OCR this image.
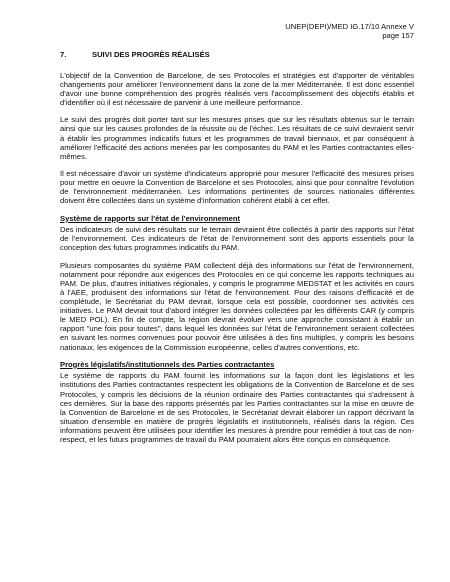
UNEP(DEPI)/MED IG.17/10 Annexe V
page 157
7.	SUIVI DES PROGRÈS RÉALISÉS

L'objectif de la Convention de Barcelone, de ses Protocoles et stratégies est d'apporter de véritables changements pour améliorer l'environnement dans la zone de la mer Méditerranée. Il est donc essentiel d'avoir une bonne compréhension des progrès réalisés vers l'accomplissement des objectifs établis et d'identifier où il est nécessaire de parvenir à une meilleure performance.

Le suivi des progrès doit porter tant sur les mesures prises que sur les résultats obtenus sur le terrain ainsi que sur les causes profondes de la réussite ou de l'échec. Les résultats de ce suivi devraient servir à établir les programmes indicatifs futurs et les programmes de travail biennaux, et par conséquent à améliorer l'efficacité des actions menées par les composantes du PAM et les Parties contractantes elles-mêmes.

Il est nécessaire d'avoir un système d'indicateurs approprié pour mesurer l'efficacité des mesures prises pour mettre en oeuvre la Convention de Barcelone et ses Protocoles, ainsi que pour connaître l'évolution de l'environnement méditerranéen. Les informations pertinentes de sources nationales différentes doivent être collectées dans un système d'information cohérent établi à cet effet.

Système de rapports sur l'état de l'environnement

Des indicateurs de suivi des résultats sur le terrain devraient être collectés à partir des rapports sur l'état de l'environnement. Ces indicateurs de l'état de l'environnement sont des apports essentiels pour la conception des futurs programmes indicatifs du PAM.

Plusieurs composantes du système PAM collectent déjà des informations sur l'état de l'environnement, notamment pour répondre aux exigences des Protocoles en ce qui concerne les rapports techniques au PAM. De plus, d'autres initiatives régionales, y compris le programme MEDSTAT et les activités en cours à l'AEE, produisent des informations sur l'état de l'environnement. Pour des raisons d'efficacité et de complétude, le Secrétariat du PAM devrait, lorsque cela est possible, coordonner ses activités ces initiatives. Le PAM devrait tout d'abord intégrer les données collectées par les différents CAR (y compris le MED POL). En fin de compte, la région devrait évoluer vers une approche consistant à établir un rapport "une fois pour toutes", dans lequel les données sur l'état de l'environnement seraient collectées en suivant les normes convenues pour pouvoir être utilisées à des fins multiples, y compris les besoins nationaux, les exigences de la Commission européenne, celles d'autres conventions, etc.

Progrès législatifs/institutionnels des Parties contractantes

Le système de rapports du PAM fournit les informations sur la façon dont les législations et les institutions des Parties contractantes respectent les obligations de la Convention de Barcelone et de ses Protocoles, y compris les décisions de la réunion ordinaire des Parties contractantes qui s'adressent à ces dernières. Sur la base des rapports présentés par les Parties contractantes sur la mise en œuvre de la Convention de Barcelone et de ses Protocoles, le Secrétariat devrait élaborer un rapport décrivant la situation d'ensemble en matière de progrès législatifs et institutionnels, réalisés dans la région. Ces informations peuvent être utilisées pour identifier les mesures à prendre pour remédier à tout cas de non-respect, et les futurs programmes de travail du PAM pourraient alors être conçus en conséquence.
